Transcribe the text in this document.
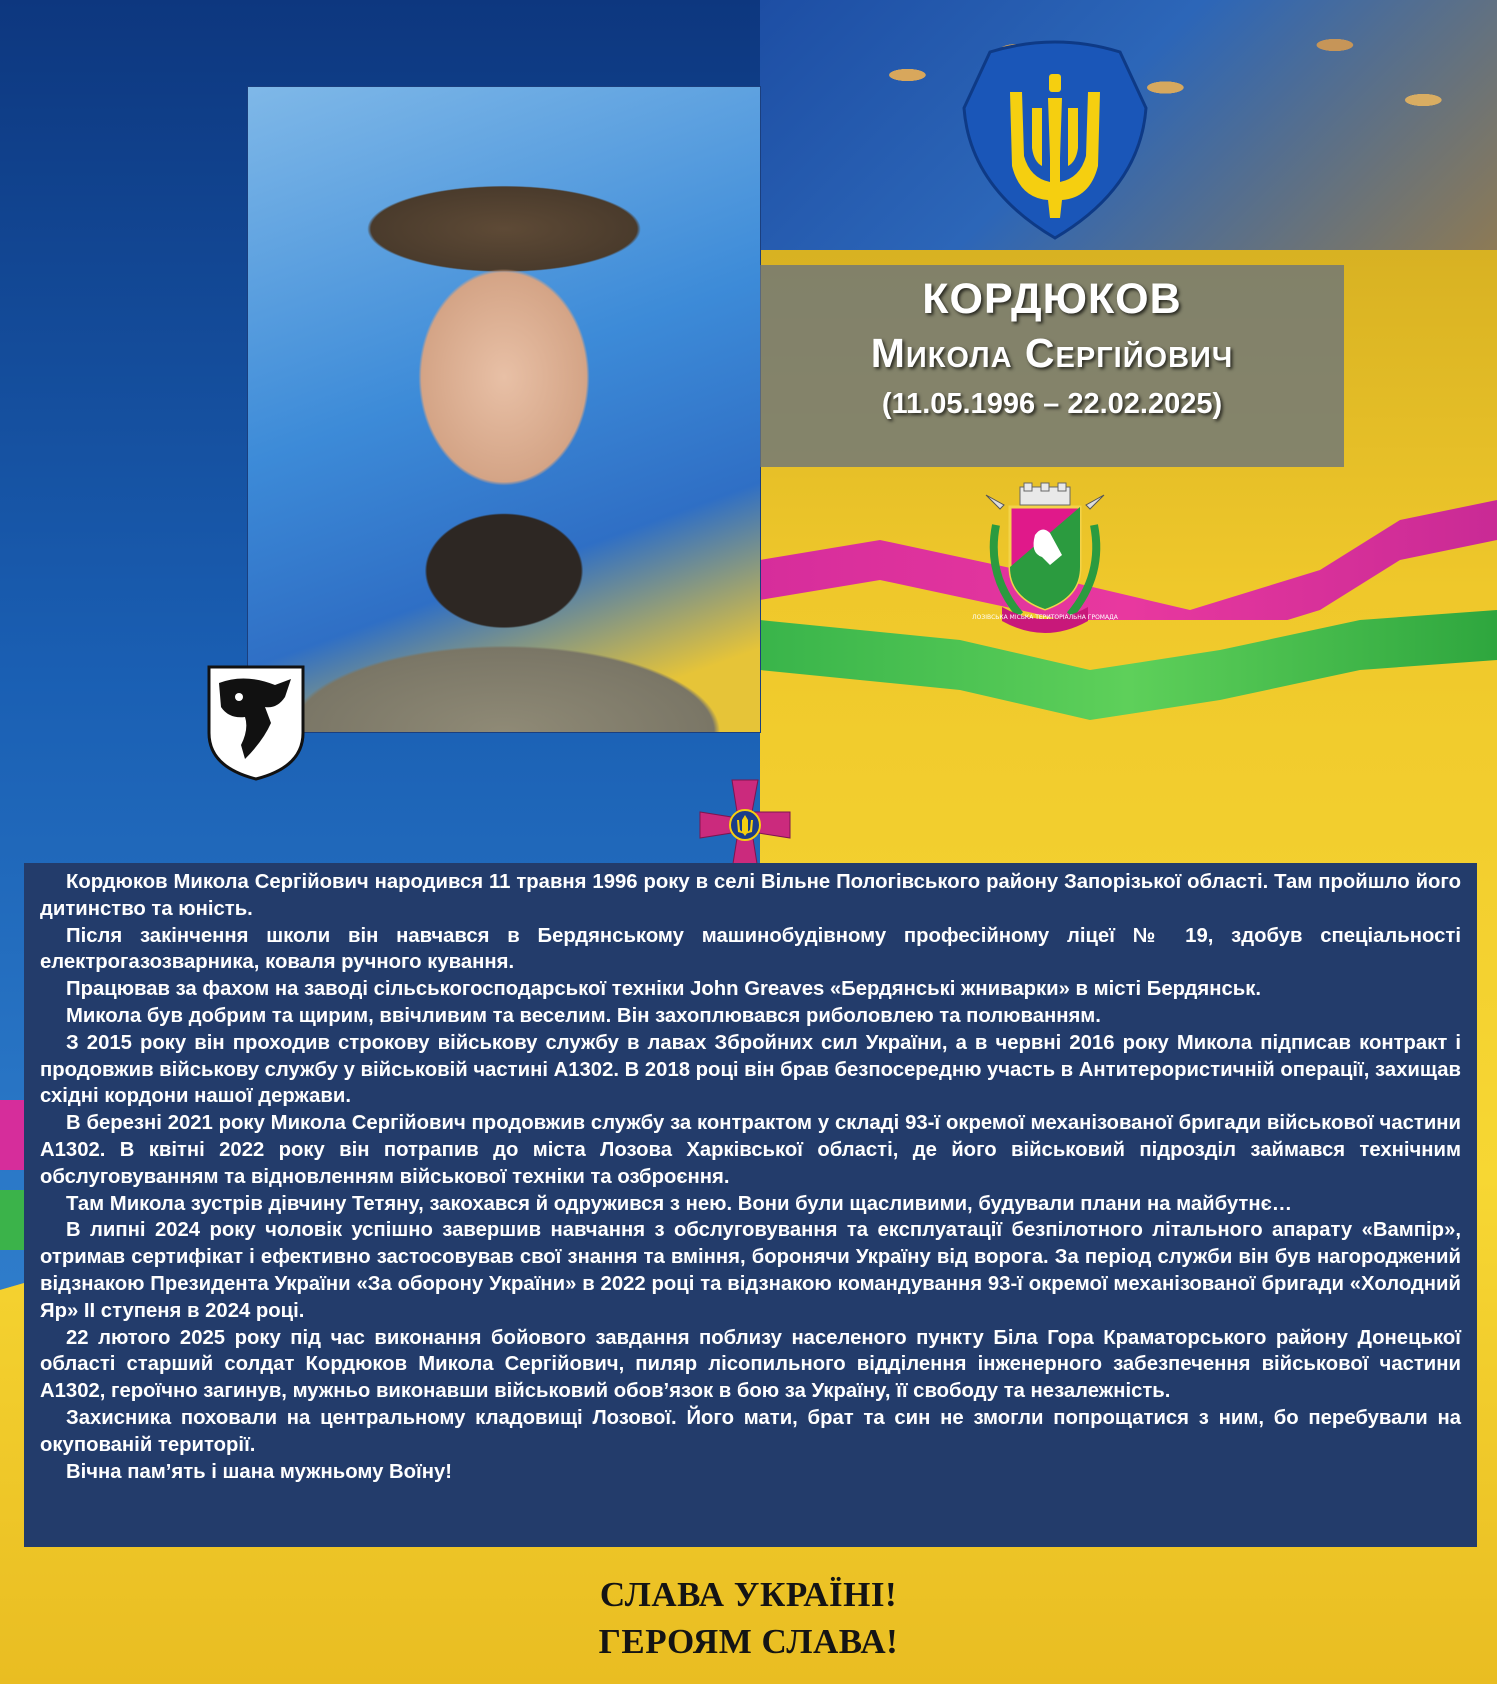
КОРДЮКОВ
Микола Сергійович
(11.05.1996 – 22.02.2025)
ЛОЗІВСЬКА МІСЬКА ТЕРИТОРІАЛЬНА ГРОМАДА

Кордюков Микола Сергійович народився 11 травня 1996 року в селі Вільне Пологівського району Запорізької області. Там пройшло його дитинство та юність.

Після закінчення школи він навчався в Бердянському машинобудівному професійному ліцеї № 19, здобув спеціальності електрогазозварника, коваля ручного кування.

Працював за фахом на заводі сільськогосподарської техніки John Greaves «Бердянські жниварки» в місті Бердянськ.

Микола був добрим та щирим, ввічливим та веселим. Він захоплювався риболовлею та полюванням.

З 2015 року він проходив строкову військову службу в лавах Збройних сил України, а в червні 2016 року Микола підписав контракт і продовжив військову службу у військовій частині А1302. В 2018 році він брав безпосередню участь в Антитерористичній операції, захищав східні кордони нашої держави.

В березні 2021 року Микола Сергійович продовжив службу за контрактом у складі 93-ї окремої механізованої бригади військової частини А1302. В квітні 2022 року він потрапив до міста Лозова Харківської області, де його військовий підрозділ займався технічним обслуговуванням та відновленням військової техніки та озброєння.

Там Микола зустрів дівчину Тетяну, закохався й одружився з нею. Вони були щасливими, будували плани на майбутнє…

В липні 2024 року чоловік успішно завершив навчання з обслуговування та експлуатації безпілотного літального апарату «Вампір», отримав сертифікат і ефективно застосовував свої знання та вміння, боронячи Україну від ворога. За період служби він був нагороджений відзнакою Президента України «За оборону України» в 2022 році та відзнакою командування 93-ї окремої механізованої бригади «Холодний Яр» ІІ ступеня в 2024 році.

22 лютого 2025 року під час виконання бойового завдання поблизу населеного пункту Біла Гора Краматорського району Донецької області старший солдат Кордюков Микола Сергійович, пиляр лісопильного відділення інженерного забезпечення військової частини А1302, героїчно загинув, мужньо виконавши військовий обов’язок в бою за Україну, її свободу та незалежність.

Захисника поховали на центральному кладовищі Лозової. Його мати, брат та син не змогли попрощатися з ним, бо перебували на окупованій території.

Вічна пам’ять і шана мужньому Воїну!

СЛАВА УКРАЇНІ!
ГЕРОЯМ СЛАВА!
